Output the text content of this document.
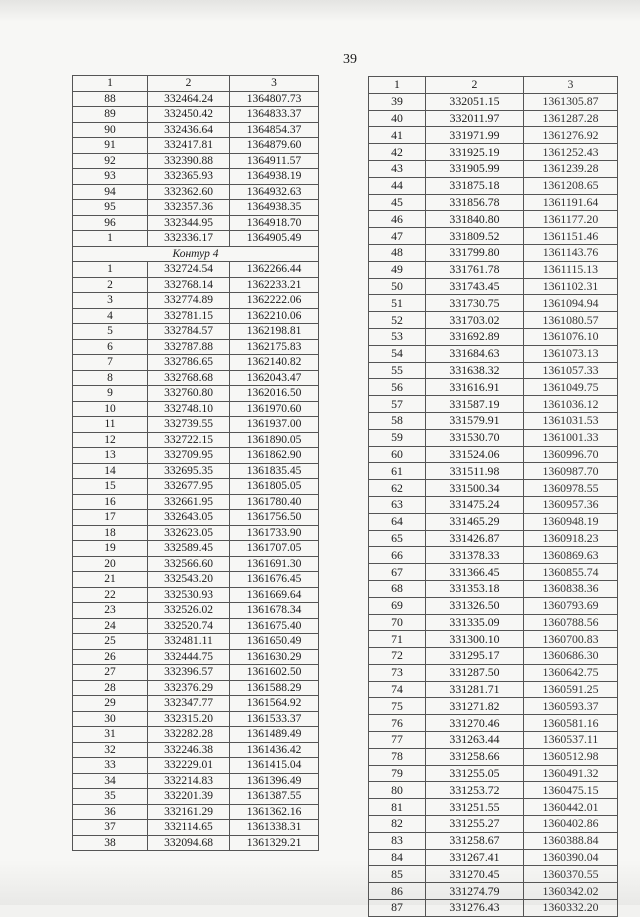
39
1	2	3
88	332464.24	1364807.73
89	332450.42	1364833.37
90	332436.64	1364854.37
91	332417.81	1364879.60
92	332390.88	1364911.57
93	332365.93	1364938.19
94	332362.60	1364932.63
95	332357.36	1364938.35
96	332344.95	1364918.70
1	332336.17	1364905.49
Контур 4		
1	332724.54	1362266.44
2	332768.14	1362233.21
3	332774.89	1362222.06
4	332781.15	1362210.06
5	332784.57	1362198.81
6	332787.88	1362175.83
7	332786.65	1362140.82
8	332768.68	1362043.47
9	332760.80	1362016.50
10	332748.10	1361970.60
11	332739.55	1361937.00
12	332722.15	1361890.05
13	332709.95	1361862.90
14	332695.35	1361835.45
15	332677.95	1361805.05
16	332661.95	1361780.40
17	332643.05	1361756.50
18	332623.05	1361733.90
19	332589.45	1361707.05
20	332566.60	1361691.30
21	332543.20	1361676.45
22	332530.93	1361669.64
23	332526.02	1361678.34
24	332520.74	1361675.40
25	332481.11	1361650.49
26	332444.75	1361630.29
27	332396.57	1361602.50
28	332376.29	1361588.29
29	332347.77	1361564.92
30	332315.20	1361533.37
31	332282.28	1361489.49
32	332246.38	1361436.42
33	332229.01	1361415.04
34	332214.83	1361396.49
35	332201.39	1361387.55
36	332161.29	1361362.16
37	332114.65	1361338.31
38	332094.68	1361329.21
1	2	3
39	332051.15	1361305.87
40	332011.97	1361287.28
41	331971.99	1361276.92
42	331925.19	1361252.43
43	331905.99	1361239.28
44	331875.18	1361208.65
45	331856.78	1361191.64
46	331840.80	1361177.20
47	331809.52	1361151.46
48	331799.80	1361143.76
49	331761.78	1361115.13
50	331743.45	1361102.31
51	331730.75	1361094.94
52	331703.02	1361080.57
53	331692.89	1361076.10
54	331684.63	1361073.13
55	331638.32	1361057.33
56	331616.91	1361049.75
57	331587.19	1361036.12
58	331579.91	1361031.53
59	331530.70	1361001.33
60	331524.06	1360996.70
61	331511.98	1360987.70
62	331500.34	1360978.55
63	331475.24	1360957.36
64	331465.29	1360948.19
65	331426.87	1360918.23
66	331378.33	1360869.63
67	331366.45	1360855.74
68	331353.18	1360838.36
69	331326.50	1360793.69
70	331335.09	1360788.56
71	331300.10	1360700.83
72	331295.17	1360686.30
73	331287.50	1360642.75
74	331281.71	1360591.25
75	331271.82	1360593.37
76	331270.46	1360581.16
77	331263.44	1360537.11
78	331258.66	1360512.98
79	331255.05	1360491.32
80	331253.72	1360475.15
81	331251.55	1360442.01
82	331255.27	1360402.86
83	331258.67	1360388.84
84	331267.41	1360390.04
85	331270.45	1360370.55
86	331274.79	1360342.02
87	331276.43	1360332.20
